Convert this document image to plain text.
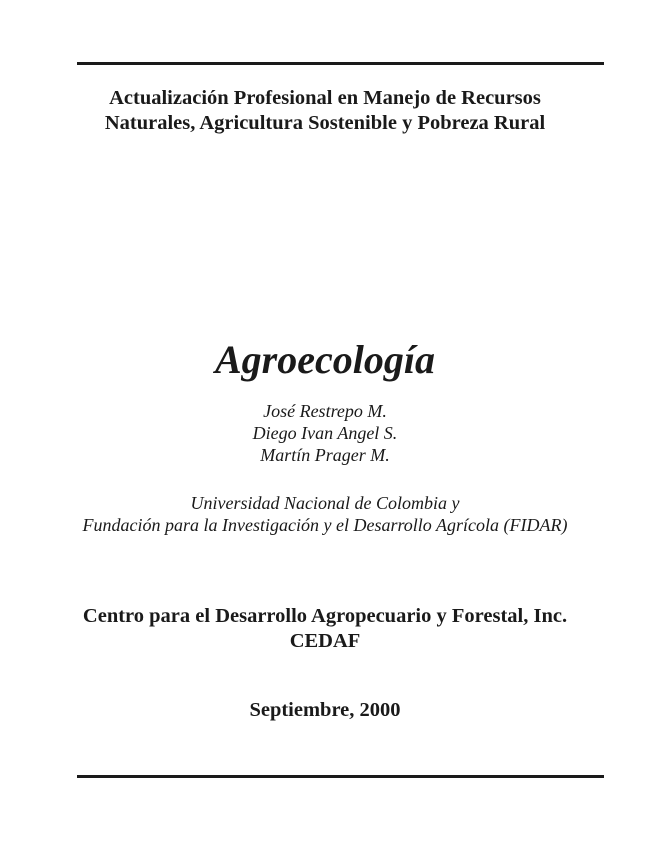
Actualización Profesional en Manejo de Recursos
Naturales, Agricultura Sostenible y Pobreza Rural
Agroecología
José Restrepo M.
Diego Ivan Angel S.
Martín Prager M.
Universidad Nacional de Colombia y
Fundación para la Investigación y el Desarrollo Agrícola (FIDAR)
Centro para el Desarrollo Agropecuario y Forestal, Inc.
CEDAF
Septiembre, 2000
